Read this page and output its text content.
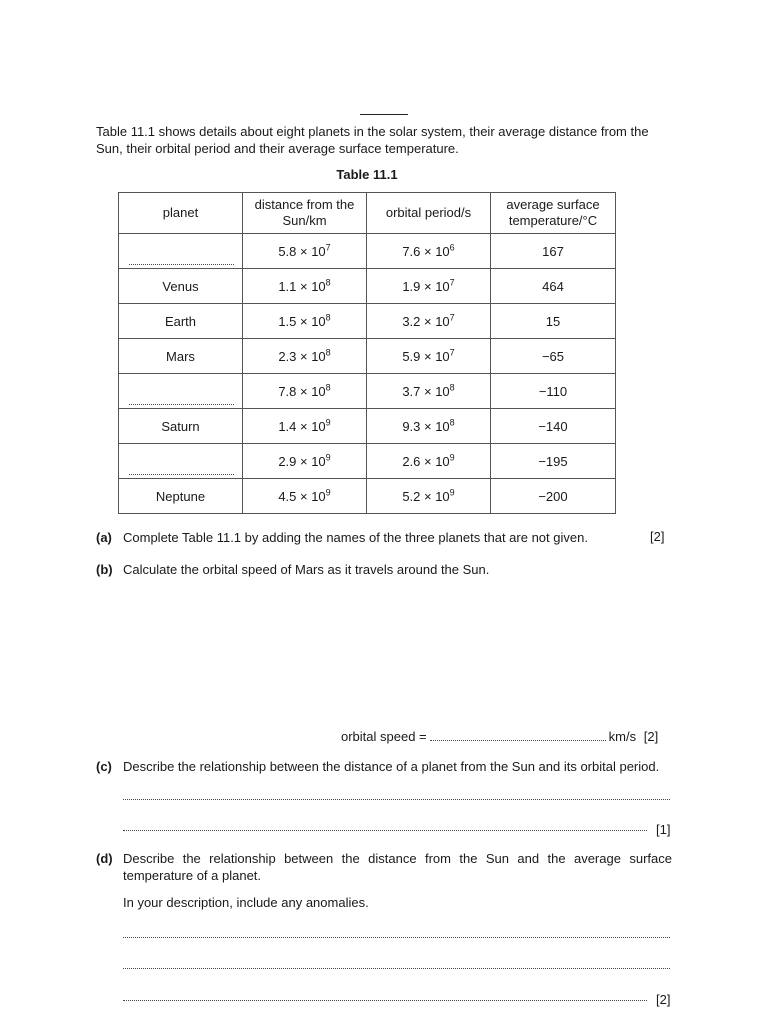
Table 11.1 shows details about eight planets in the solar system, their average distance from the Sun, their orbital period and their average surface temperature.
Table 11.1
planet	distance from the Sun/km	orbital period/s	average surface temperature/°C

	$5.8 \times 10^7$	$7.6 \times 10^6$	167
Venus	$1.1 \times 10^8$	$1.9 \times 10^7$	464
Earth	$1.5 \times 10^8$	$3.2 \times 10^7$	15
Mars	$2.3 \times 10^8$	$5.9 \times 10^7$	−65

	$7.8 \times 10^8$	$3.7 \times 10^8$	−110
Saturn	$1.4 \times 10^9$	$9.3 \times 10^8$	−140

	$2.9 \times 10^9$	$2.6 \times 10^9$	−195
Neptune	$4.5 \times 10^9$	$5.2 \times 10^9$	−200
(a) Complete Table 11.1 by adding the names of the three planets that are not given.	[2]
(b) Calculate the orbital speed of Mars as it travels around the Sun.
orbital speed =	km/s [2]
(c) Describe the relationship between the distance of a planet from the Sun and its orbital period.
[1]
(d) Describe the relationship between the distance from the Sun and the average surface temperature of a planet.
In your description, include any anomalies.
[2]
